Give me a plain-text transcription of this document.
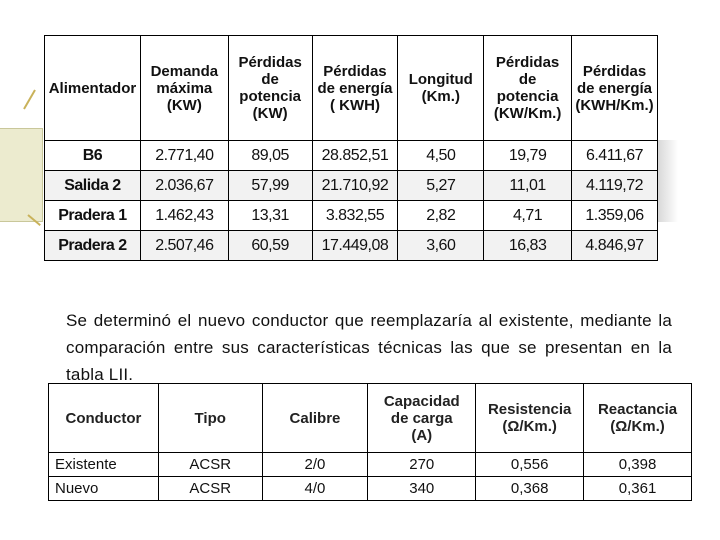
Alimentador	Demanda
máxima
(KW)	Pérdidas
de
potencia
(KW)	Pérdidas
de energía
( KWH)	Longitud
(Km.)	Pérdidas
de
potencia
(KW/Km.)	Pérdidas
de energía
(KWH/Km.)

B6	2.771,40	89,05	28.852,51	4,50	19,79	6.411,67
Salida 2	2.036,67	57,99	21.710,92	5,27	11,01	4.119,72
Pradera 1	1.462,43	13,31	3.832,55	2,82	4,71	1.359,06
Pradera 2	2.507,46	60,59	17.449,08	3,60	16,83	4.846,97

Se determinó el nuevo conductor que reemplazaría al existente, mediante la comparación entre sus características técnicas las que se presentan en la tabla LII.

Conductor	Tipo	Calibre	Capacidad
de carga
(A)	Resistencia
(Ω/Km.)	Reactancia
(Ω/Km.)

Existente	ACSR	2/0	270	0,556	0,398
Nuevo	ACSR	4/0	340	0,368	0,361
